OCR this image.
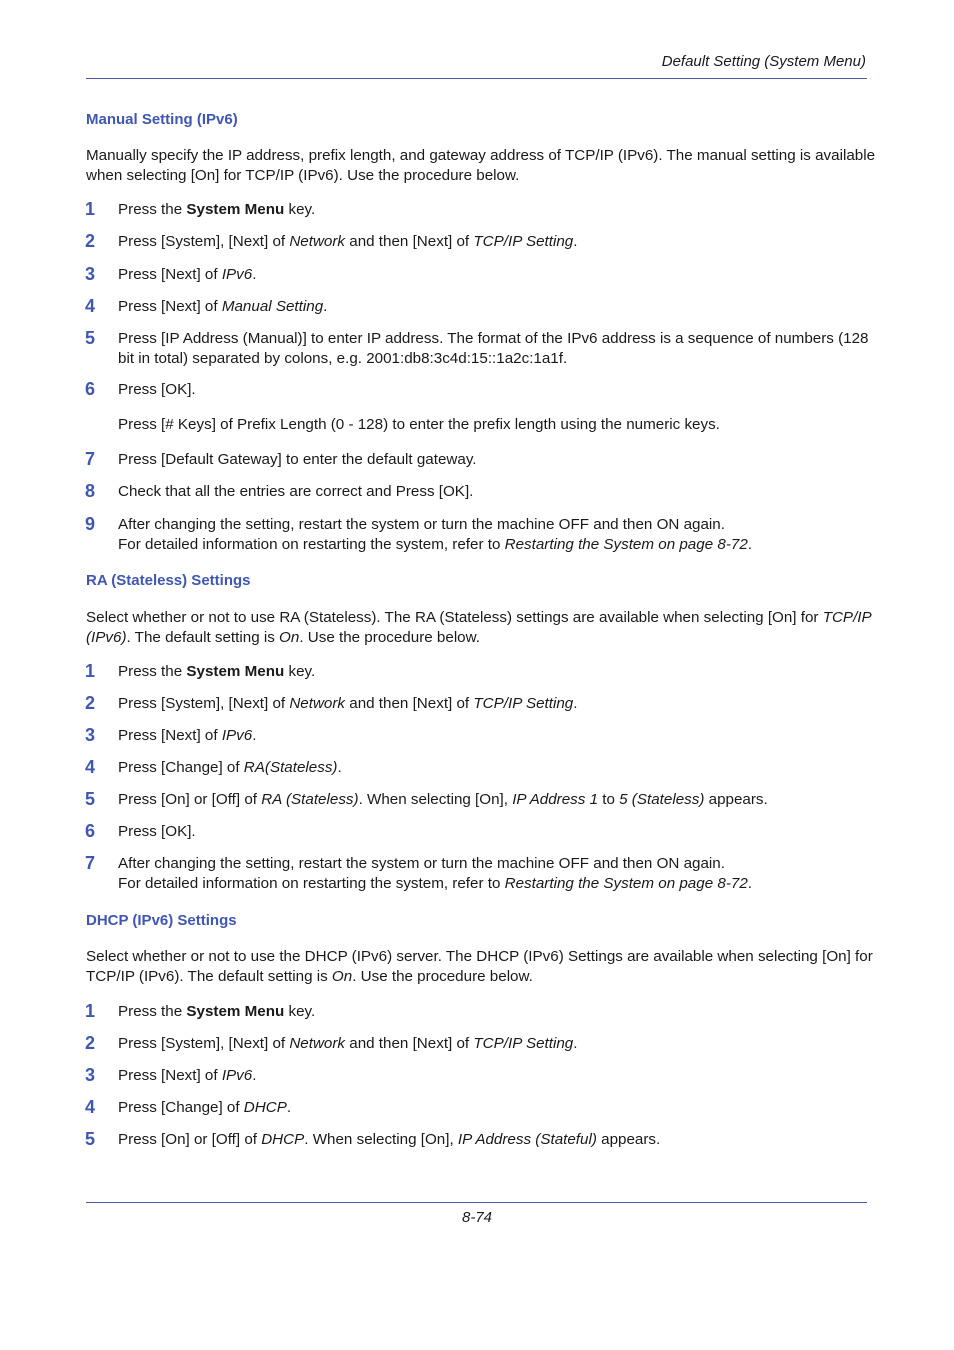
Default Setting (System Menu)
Manual Setting (IPv6)
Manually specify the IP address, prefix length, and gateway address of TCP/IP (IPv6). The manual setting is available when selecting [On] for TCP/IP (IPv6). Use the procedure below.
1	Press the System Menu key.
2	Press [System], [Next] of Network and then [Next] of TCP/IP Setting.
3	Press [Next] of IPv6.
4	Press [Next] of Manual Setting.
5	Press [IP Address (Manual)] to enter IP address. The format of the IPv6 address is a sequence of numbers (128 bit in total) separated by colons, e.g. 2001:db8:3c4d:15::1a2c:1a1f.
6	Press [OK].
Press [# Keys] of Prefix Length (0 - 128) to enter the prefix length using the numeric keys.
7	Press [Default Gateway] to enter the default gateway.
8	Check that all the entries are correct and Press [OK].
9	After changing the setting, restart the system or turn the machine OFF and then ON again.
For detailed information on restarting the system, refer to Restarting the System on page 8-72.
RA (Stateless) Settings
Select whether or not to use RA (Stateless). The RA (Stateless) settings are available when selecting [On] for TCP/IP (IPv6). The default setting is On. Use the procedure below.
1	Press the System Menu key.
2	Press [System], [Next] of Network and then [Next] of TCP/IP Setting.
3	Press [Next] of IPv6.
4	Press [Change] of RA(Stateless).
5	Press [On] or [Off] of RA (Stateless). When selecting [On], IP Address 1 to 5 (Stateless) appears.
6	Press [OK].
7	After changing the setting, restart the system or turn the machine OFF and then ON again.
For detailed information on restarting the system, refer to Restarting the System on page 8-72.
DHCP (IPv6) Settings
Select whether or not to use the DHCP (IPv6) server. The DHCP (IPv6) Settings are available when selecting [On] for TCP/IP (IPv6). The default setting is On. Use the procedure below.
1	Press the System Menu key.
2	Press [System], [Next] of Network and then [Next] of TCP/IP Setting.
3	Press [Next] of IPv6.
4	Press [Change] of DHCP.
5	Press [On] or [Off] of DHCP. When selecting [On], IP Address (Stateful) appears.
8-74
